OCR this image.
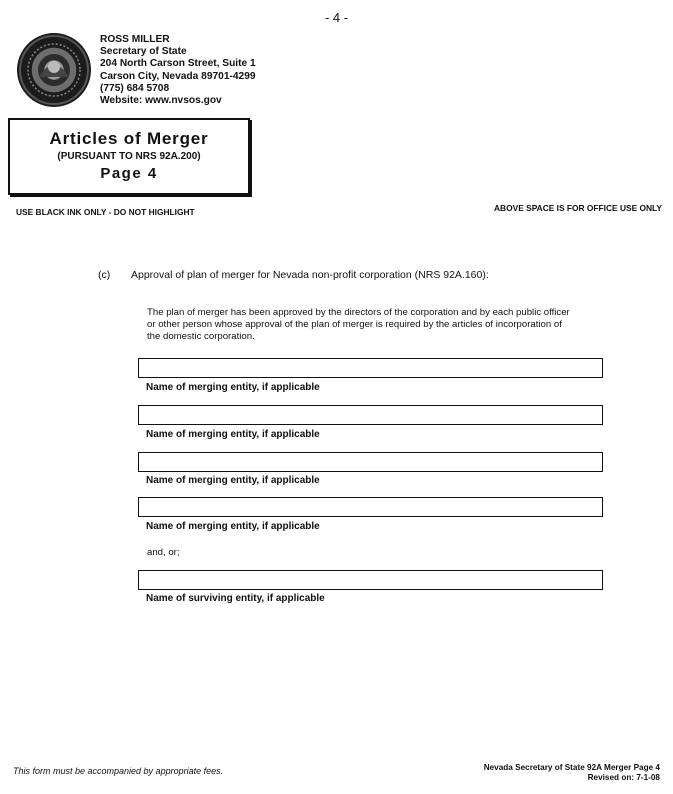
- 4 -
ROSS MILLER
Secretary of State
204 North Carson Street, Suite 1
Carson City, Nevada 89701-4299
(775) 684 5708
Website: www.nvsos.gov
Articles of Merger
(PURSUANT TO NRS 92A.200)
Page 4
USE BLACK INK ONLY - DO NOT HIGHLIGHT	ABOVE SPACE IS FOR OFFICE USE ONLY
(c) Approval of plan of merger for Nevada non-profit corporation (NRS 92A.160):
The plan of merger has been approved by the directors of the corporation and by each public officer or other person whose approval of the plan of merger is required by the articles of incorporation of the domestic corporation.
Name of merging entity, if applicable
Name of merging entity, if applicable
Name of merging entity, if applicable
Name of merging entity, if applicable
and, or;
Name of surviving entity, if applicable
This form must be accompanied by appropriate fees.	Nevada Secretary of State 92A Merger Page 4
Revised on: 7-1-08
